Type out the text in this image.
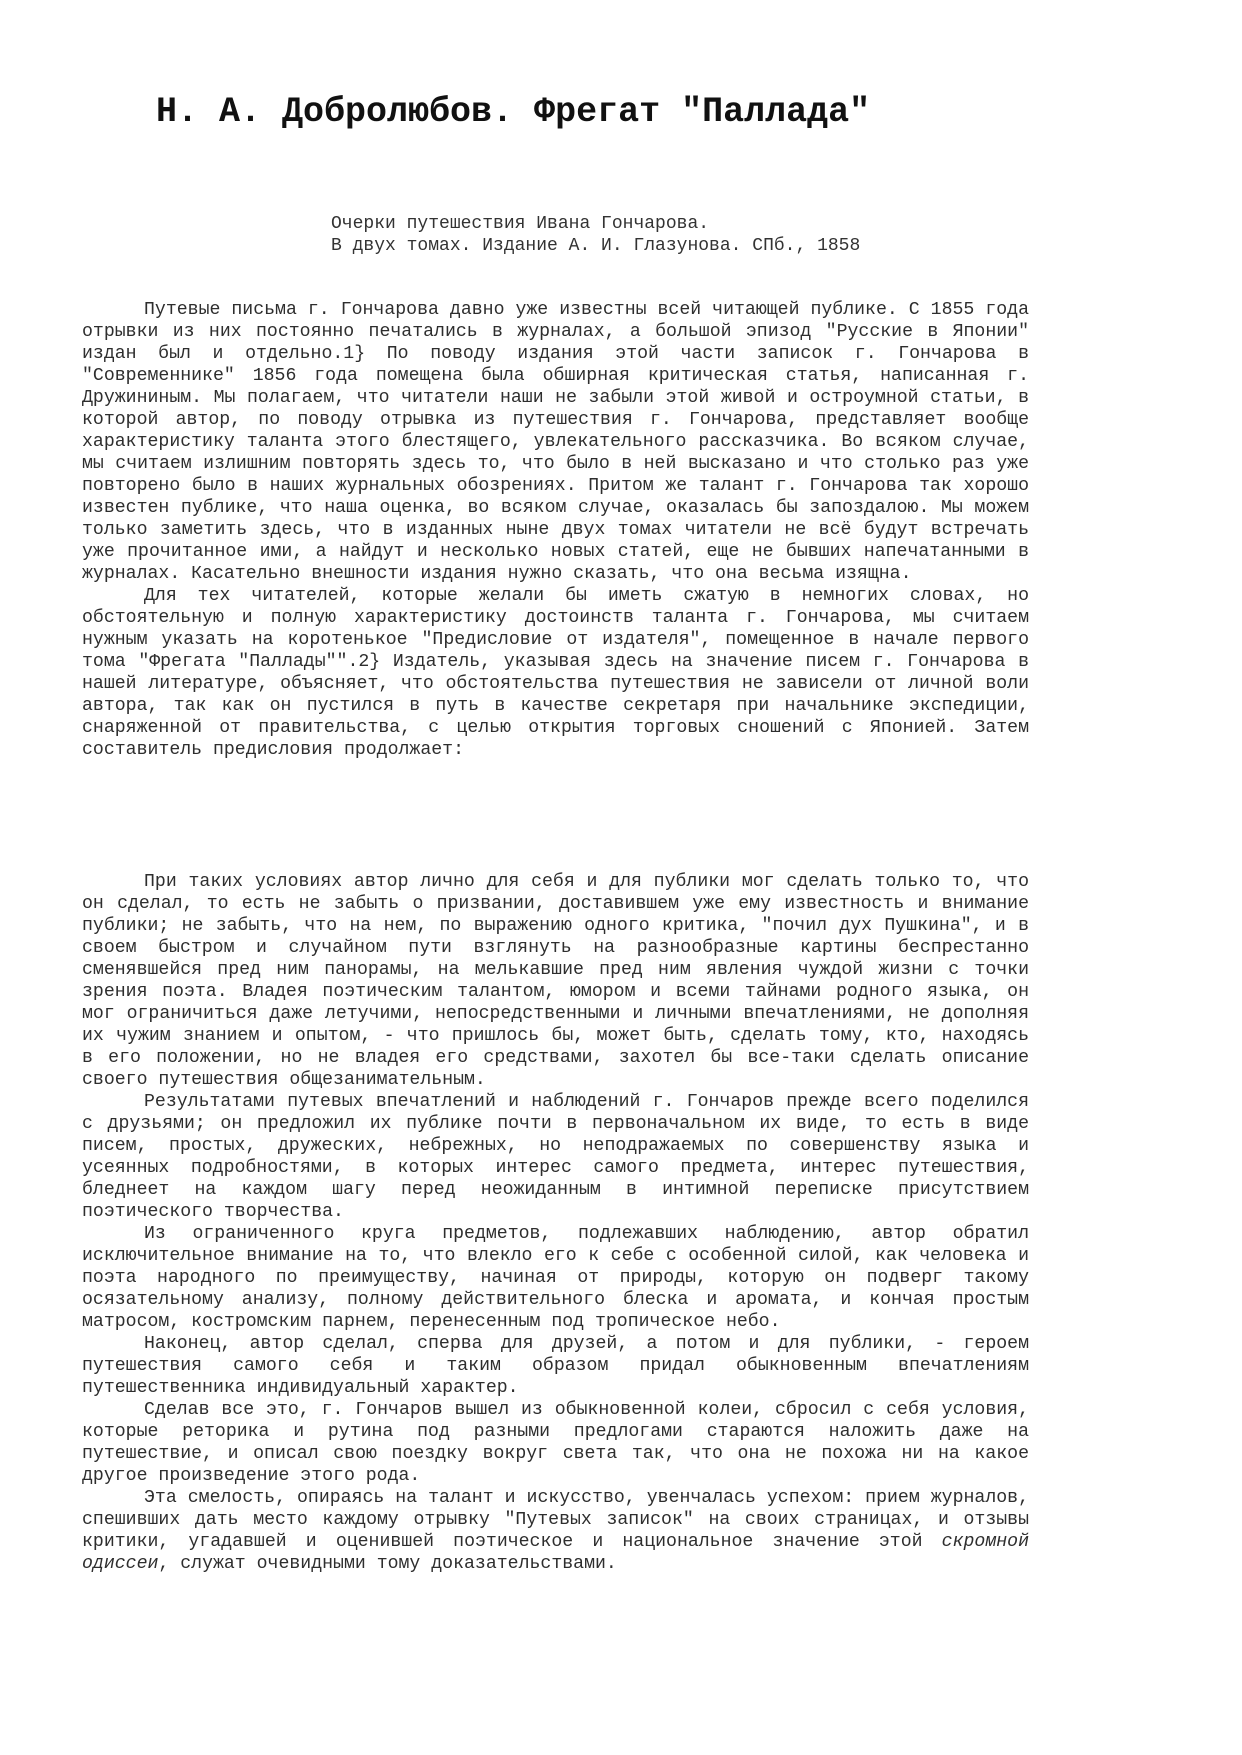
Н. А. Добролюбов. Фрегат "Паллада"
Очерки путешествия Ивана Гончарова.
В двух томах. Издание А. И. Глазунова. СПб., 1858

Путевые письма г. Гончарова давно уже известны всей читающей публике. С 1855 года отрывки из них постоянно печатались в журналах, а большой эпизод "Русские в Японии" издан был и отдельно.1} По поводу издания этой части записок г. Гончарова в "Современнике" 1856 года помещена была обширная критическая статья, написанная г. Дружининым. Мы полагаем, что читатели наши не забыли этой живой и остроумной статьи, в которой автор, по поводу отрывка из путешествия г. Гончарова, представляет вообще характеристику таланта этого блестящего, увлекательного рассказчика. Во всяком случае, мы считаем излишним повторять здесь то, что было в ней высказано и что столько раз уже повторено было в наших журнальных обозрениях. Притом же талант г. Гончарова так хорошо известен публике, что наша оценка, во всяком случае, оказалась бы запоздалою. Мы можем только заметить здесь, что в изданных ныне двух томах читатели не всё будут встречать уже прочитанное ими, а найдут и несколько новых статей, еще не бывших напечатанными в журналах. Касательно внешности издания нужно сказать, что она весьма изящна.

Для тех читателей, которые желали бы иметь сжатую в немногих словах, но обстоятельную и полную характеристику достоинств таланта г. Гончарова, мы считаем нужным указать на коротенькое "Предисловие от издателя", помещенное в начале первого тома "Фрегата "Паллады"".2} Издатель, указывая здесь на значение писем г. Гончарова в нашей литературе, объясняет, что обстоятельства путешествия не зависели от личной воли автора, так как он пустился в путь в качестве секретаря при начальнике экспедиции, снаряженной от правительства, с целью открытия торговых сношений с Японией. Затем составитель предисловия продолжает:

При таких условиях автор лично для себя и для публики мог сделать только то, что он сделал, то есть не забыть о призвании, доставившем уже ему известность и внимание публики; не забыть, что на нем, по выражению одного критика, "почил дух Пушкина", и в своем быстром и случайном пути взглянуть на разнообразные картины беспрестанно сменявшейся пред ним панорамы, на мелькавшие пред ним явления чуждой жизни с точки зрения поэта. Владея поэтическим талантом, юмором и всеми тайнами родного языка, он мог ограничиться даже летучими, непосредственными и личными впечатлениями, не дополняя их чужим знанием и опытом, - что пришлось бы, может быть, сделать тому, кто, находясь в его положении, но не владея его средствами, захотел бы все-таки сделать описание своего путешествия общезанимательным.

Результатами путевых впечатлений и наблюдений г. Гончаров прежде всего поделился с друзьями; он предложил их публике почти в первоначальном их виде, то есть в виде писем, простых, дружеских, небрежных, но неподражаемых по совершенству языка и усеянных подробностями, в которых интерес самого предмета, интерес путешествия, бледнеет на каждом шагу перед неожиданным в интимной переписке присутствием поэтического творчества.

Из ограниченного круга предметов, подлежавших наблюдению, автор обратил исключительное внимание на то, что влекло его к себе с особенной силой, как человека и поэта народного по преимуществу, начиная от природы, которую он подверг такому осязательному анализу, полному действительного блеска и аромата, и кончая простым матросом, костромским парнем, перенесенным под тропическое небо.

Наконец, автор сделал, сперва для друзей, а потом и для публики, - героем путешествия самого себя и таким образом придал обыкновенным впечатлениям путешественника индивидуальный характер.

Сделав все это, г. Гончаров вышел из обыкновенной колеи, сбросил с себя условия, которые реторика и рутина под разными предлогами стараются наложить даже на путешествие, и описал свою поездку вокруг света так, что она не похожа ни на какое другое произведение этого рода.

Эта смелость, опираясь на талант и искусство, увенчалась успехом: прием журналов, спешивших дать место каждому отрывку "Путевых записок" на своих страницах, и отзывы критики, угадавшей и оценившей поэтическое и национальное значение этой скромной одиссеи, служат очевидными тому доказательствами.
